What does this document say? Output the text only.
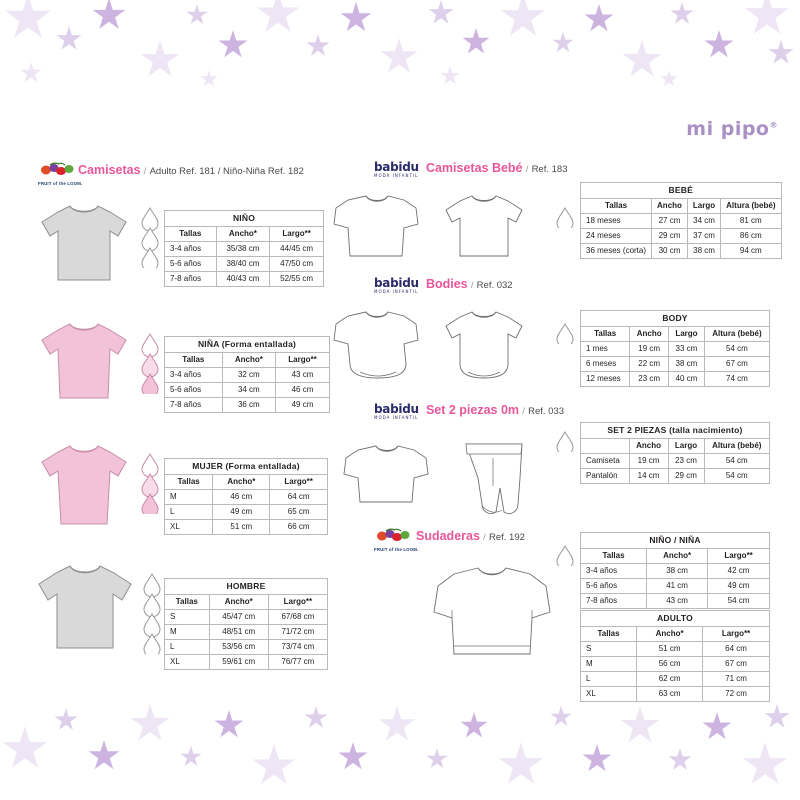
mi pipo®
FRUIT of the LOOM.
Camisetas / Adulto Ref. 181 / Niño-Niña Ref. 182
NIÑO		
Tallas	Ancho*	Largo**
3-4 años	35/38 cm	44/45 cm
5-6 años	38/40 cm	47/50 cm
7-8 años	40/43 cm	52/55 cm
NIÑA (Forma entallada)		
Tallas	Ancho*	Largo**
3-4 años	32 cm	43 cm
5-6 años	34 cm	46 cm
7-8 años	36 cm	49 cm
MUJER (Forma entallada)		
Tallas	Ancho*	Largo**
M	46 cm	64 cm
L	49 cm	65 cm
XL	51 cm	66 cm
HOMBRE		
Tallas	Ancho*	Largo**
S	45/47 cm	67/68 cm
M	48/51 cm	71/72 cm
L	53/56 cm	73/74 cm
XL	59/61 cm	76/77 cm
babidu
MODA INFANTIL
Camisetas Bebé / Ref. 183
BEBÉ			
Tallas	Ancho	Largo	Altura (bebé)
18 meses	27 cm	34 cm	81 cm
24 meses	29 cm	37 cm	86 cm
36 meses (corta)	30 cm	38 cm	94 cm
babidu
MODA INFANTIL
Bodies / Ref. 032
BODY			
Tallas	Ancho	Largo	Altura (bebé)
1 mes	19 cm	33 cm	54 cm
6 meses	22 cm	38 cm	67 cm
12 meses	23 cm	40 cm	74 cm
babidu
MODA INFANTIL
Set 2 piezas 0m / Ref. 033
SET 2 PIEZAS (talla nacimiento)			
	Ancho	Largo	Altura (bebé)
Camiseta	19 cm	23 cm	54 cm
Pantalón	14 cm	29 cm	54 cm
FRUIT of the LOOM.
Sudaderas / Ref. 192	NIÑO / NIÑA		
Tallas	Ancho*	Largo**
3-4 años	38 cm	42 cm
5-6 años	41 cm	49 cm
7-8 años	43 cm	54 cm
ADULTO		
Tallas	Ancho*	Largo**
S	51 cm	64 cm
M	56 cm	67 cm
L	62 cm	71 cm
XL	63 cm	72 cm
